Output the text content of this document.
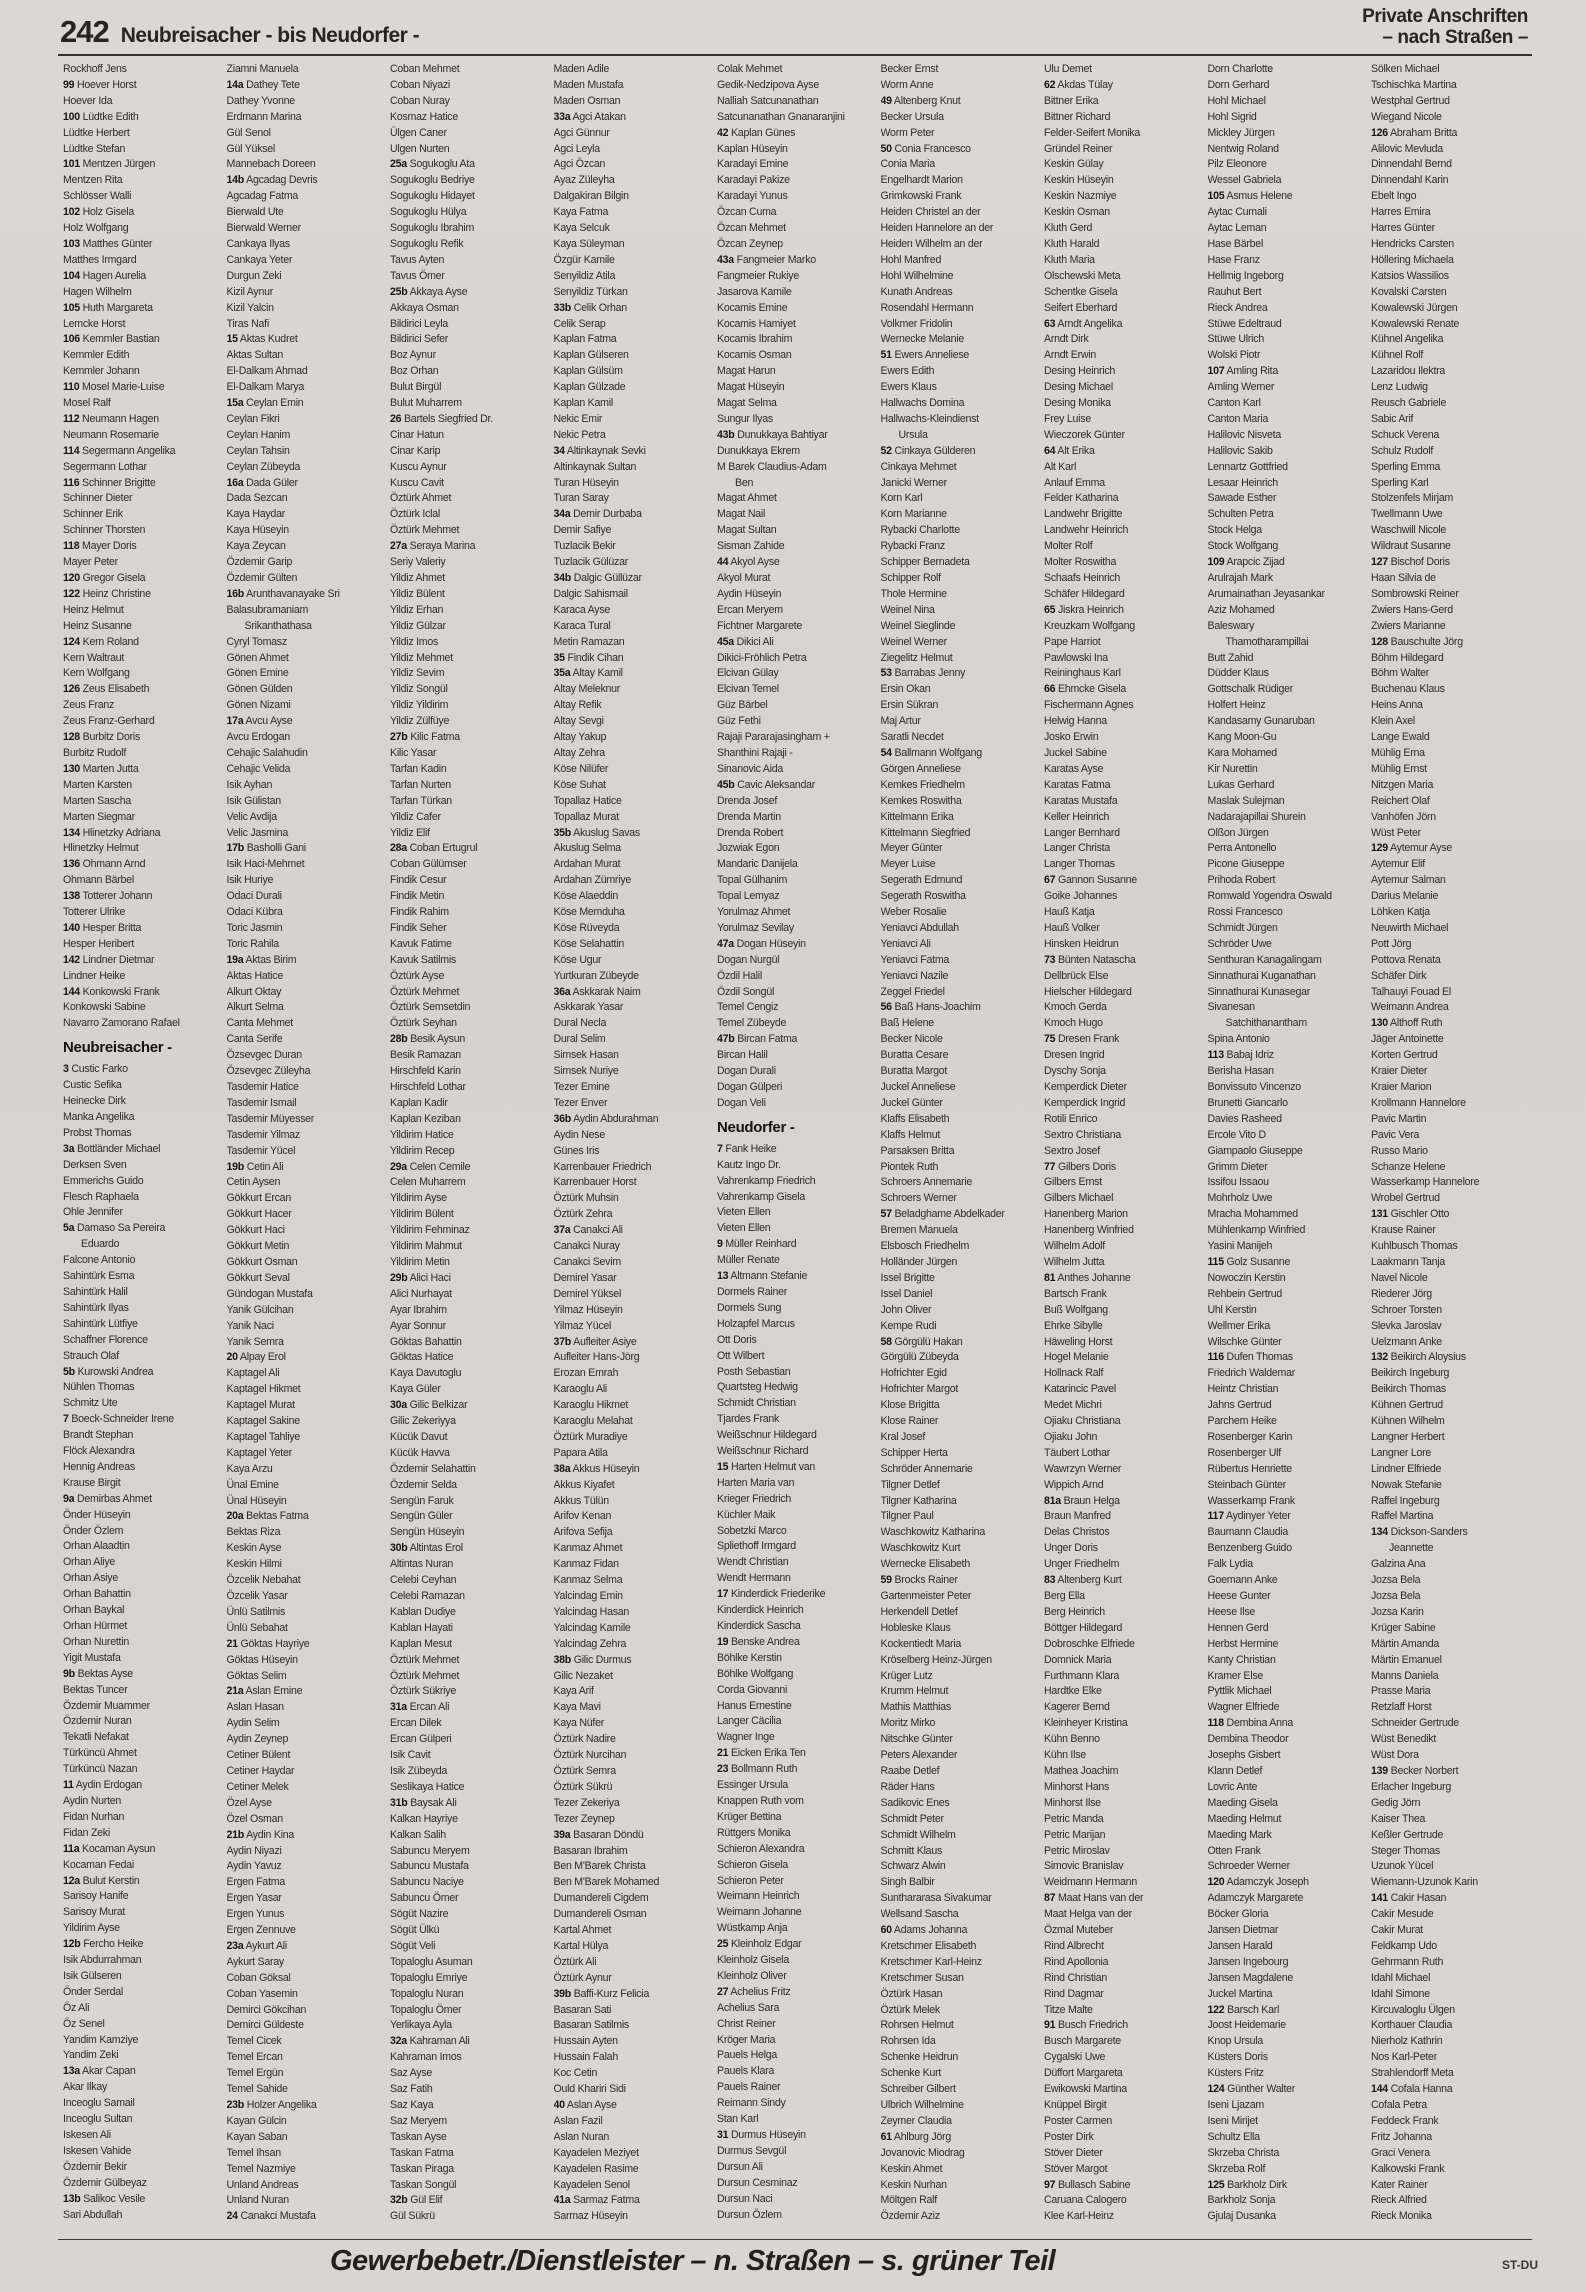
242 Neubreisacher - bis Neudorfer -
Private Anschriften
– nach Straßen –
Rockhoff Jens
99 Hoever Horst
Hoever Ida
100 Lüdtke Edith
Lüdtke Herbert
Lüdtke Stefan
101 Mentzen Jürgen
Mentzen Rita
Schlösser Walli
102 Holz Gisela
Holz Wolfgang
103 Matthes Günter
Matthes Irmgard
104 Hagen Aurelia
Hagen Wilhelm
105 Huth Margareta
Lemcke Horst
106 Kemmler Bastian
Kemmler Edith
Kemmler Johann
110 Mosel Marie-Luise
Mosel Ralf
112 Neumann Hagen
Neumann Rosemarie
114 Segermann Angelika
Segermann Lothar
116 Schinner Brigitte
Schinner Dieter
Schinner Erik
Schinner Thorsten
118 Mayer Doris
Mayer Peter
120 Gregor Gisela
122 Heinz Christine
Heinz Helmut
Heinz Susanne
124 Kern Roland
Kern Waltraut
Kern Wolfgang
126 Zeus Elisabeth
Zeus Franz
Zeus Franz-Gerhard
128 Burbitz Doris
Burbitz Rudolf
130 Marten Jutta
Marten Karsten
Marten Sascha
Marten Siegmar
134 Hlinetzky Adriana
Hlinetzky Helmut
136 Ohmann Arnd
Ohmann Bärbel
138 Totterer Johann
Totterer Ulrike
140 Hesper Britta
Hesper Heribert
142 Lindner Dietmar
Lindner Heike
144 Konkowski Frank
Konkowski Sabine
Navarro Zamorano Rafael
Neubreisacher -
3 Custic Farko
Custic Sefika
Heinecke Dirk
Manka Angelika
Probst Thomas
3a Bottländer Michael
Derksen Sven
Emmerichs Guido
Flesch Raphaela
Ohle Jennifer
5a Damaso Sa Pereira
Eduardo
Falcone Antonio
Sahintürk Esma
Sahintürk Halil
Sahintürk Ilyas
Sahintürk Lütfiye
Schaffner Florence
Strauch Olaf
5b Kurowski Andrea
Nühlen Thomas
Schmitz Ute
7 Boeck-Schneider Irene
Brandt Stephan
Flöck Alexandra
Hennig Andreas
Krause Birgit
9a Demirbas Ahmet
Önder Hüseyin
Önder Özlem
Orhan Alaadtin
Orhan Aliye
Orhan Asiye
Orhan Bahattin
Orhan Baykal
Orhan Hürmet
Orhan Nurettin
Yigit Mustafa
9b Bektas Ayse
Bektas Tuncer
Özdemir Muammer
Özdemir Nuran
Tekatli Nefakat
Türküncü Ahmet
Türküncü Nazan
11 Aydin Erdogan
Aydin Nurten
Fidan Nurhan
Fidan Zeki
11a Kocaman Aysun
Kocaman Fedai
12a Bulut Kerstin
Sarisoy Hanife
Sarisoy Murat
Yildirim Ayse
12b Fercho Heike
Isik Abdurrahman
Isik Gülseren
Önder Serdal
Öz Ali
Öz Senel
Yandim Kamziye
Yandim Zeki
13a Akar Capan
Akar Ilkay
Inceoglu Samail
Inceoglu Sultan
Iskesen Ali
Iskesen Vahide
Özdemir Bekir
Özdemir Gülbeyaz
13b Salikoc Vesile
Sari Abdullah
Ziamni Manuela
14a Dathey Tete
Dathey Yvonne
Erdmann Marina
Gül Senol
Gül Yüksel
Mannebach Doreen
14b Agcadag Devris
Agcadag Fatma
Bierwald Ute
Bierwald Werner
Cankaya Ilyas
Cankaya Yeter
Durgun Zeki
Kizil Aynur
Kizil Yalcin
Tiras Nafi
15 Aktas Kudret
Aktas Sultan
El-Dalkam Ahmad
El-Dalkam Marya
15a Ceylan Emin
Ceylan Fikri
Ceylan Hanim
Ceylan Tahsin
Ceylan Zübeyda
16a Dada Güler
Dada Sezcan
Kaya Haydar
Kaya Hüseyin
Kaya Zeycan
Özdemir Garip
Özdemir Gülten
16b Arunthavanayake Sri
Balasubramaniam
Srikanthathasa
Cyryl Tomasz
Gönen Ahmet
Gönen Emine
Gönen Gülden
Gönen Nizami
17a Avcu Ayse
Avcu Erdogan
Cehajic Salahudin
Cehajic Velida
Isik Ayhan
Isik Gülistan
Velic Avdija
Velic Jasmina
17b Basholli Gani
Isik Haci-Mehmet
Isik Huriye
Odaci Durali
Odaci Kübra
Toric Jasmin
Toric Rahila
19a Aktas Birim
Aktas Hatice
Alkurt Oktay
Alkurt Selma
Canta Mehmet
Canta Serife
Özsevgec Duran
Özsevgec Züleyha
Tasdemir Hatice
Tasdemir Ismail
Tasdemir Müyesser
Tasdemir Yilmaz
Tasdemir Yücel
19b Cetin Ali
Cetin Aysen
Gökkurt Ercan
Gökkurt Hacer
Gökkurt Haci
Gökkurt Metin
Gökkurt Osman
Gökkurt Seval
Gündogan Mustafa
Yanik Gülcihan
Yanik Naci
Yanik Semra
20 Alpay Erol
Kaptagel Ali
Kaptagel Hikmet
Kaptagel Murat
Kaptagel Sakine
Kaptagel Tahliye
Kaptagel Yeter
Kaya Arzu
Ünal Emine
Ünal Hüseyin
20a Bektas Fatma
Bektas Riza
Keskin Ayse
Keskin Hilmi
Özcelik Nebahat
Özcelik Yasar
Ünlü Satilmis
Ünlü Sebahat
21 Göktas Hayriye
Göktas Hüseyin
Göktas Selim
21a Aslan Emine
Aslan Hasan
Aydin Selim
Aydin Zeynep
Cetiner Bülent
Cetiner Haydar
Cetiner Melek
Özel Ayse
Özel Osman
21b Aydin Kina
Aydin Niyazi
Aydin Yavuz
Ergen Fatma
Ergen Yasar
Ergen Yunus
Ergen Zennuve
23a Aykurt Ali
Aykurt Saray
Coban Göksal
Coban Yasemin
Demirci Gökcihan
Demirci Güldeste
Temel Cicek
Temel Ercan
Temel Ergün
Temel Sahide
23b Holzer Angelika
Kayan Gülcin
Kayan Saban
Temel Ihsan
Temel Nazmiye
Unland Andreas
Unland Nuran
24 Canakci Mustafa
Coban Mehmet
Coban Niyazi
Coban Nuray
Kosmaz Hatice
Ülgen Caner
Ulgen Nurten
25a Sogukoglu Ata
Sogukoglu Bedriye
Sogukoglu Hidayet
Sogukoglu Hülya
Sogukoglu Ibrahim
Sogukoglu Refik
Tavus Ayten
Tavus Ömer
25b Akkaya Ayse
Akkaya Osman
Bildirici Leyla
Bildirici Sefer
Boz Aynur
Boz Orhan
Bulut Birgül
Bulut Muharrem
26 Bartels Siegfried Dr.
Cinar Hatun
Cinar Karip
Kuscu Aynur
Kuscu Cavit
Öztürk Ahmet
Öztürk Iclal
Öztürk Mehmet
27a Seraya Marina
Seriy Valeriy
Yildiz Ahmet
Yildiz Bülent
Yildiz Erhan
Yildiz Gülzar
Yildiz Imos
Yildiz Mehmet
Yildiz Sevim
Yildiz Songül
Yildiz Yildirim
Yildiz Zülfüye
27b Kilic Fatma
Kilic Yasar
Tarfan Kadin
Tarfan Nurten
Tarfan Türkan
Yildiz Cafer
Yildiz Elif
28a Coban Ertugrul
Coban Gülümser
Findik Cesur
Findik Metin
Findik Rahim
Findik Seher
Kavuk Fatime
Kavuk Satilmis
Öztürk Ayse
Öztürk Mehmet
Öztürk Semsetdin
Öztürk Seyhan
28b Besik Aysun
Besik Ramazan
Hirschfeld Karin
Hirschfeld Lothar
Kaplan Kadir
Kaplan Keziban
Yildirim Hatice
Yildirim Recep
29a Celen Cemile
Celen Muharrem
Yildirim Ayse
Yildirim Bülent
Yildirim Fehminaz
Yildirim Mahmut
Yildirim Metin
29b Alici Haci
Alici Nurhayat
Ayar Ibrahim
Ayar Sonnur
Göktas Bahattin
Göktas Hatice
Kaya Davutoglu
Kaya Güler
30a Gilic Belkizar
Gilic Zekeriyya
Kücük Davut
Kücük Havva
Özdemir Selahattin
Özdemir Selda
Sengün Faruk
Sengün Güler
Sengün Hüseyin
30b Altintas Erol
Altintas Nuran
Celebi Ceyhan
Celebi Ramazan
Kablan Dudiye
Kablan Hayati
Kaplan Mesut
Öztürk Mehmet
Öztürk Mehmet
Öztürk Sükriye
31a Ercan Ali
Ercan Dilek
Ercan Gülperi
Isik Cavit
Isik Zübeyda
Seslikaya Hatice
31b Baysak Ali
Kalkan Hayriye
Kalkan Salih
Sabuncu Meryem
Sabuncu Mustafa
Sabuncu Naciye
Sabuncu Ömer
Sögüt Nazire
Sögüt Ülkü
Sögüt Veli
Topaloglu Asuman
Topaloglu Emriye
Topaloglu Nuran
Topaloglu Ömer
Yerlikaya Ayla
32a Kahraman Ali
Kahraman Imos
Saz Ayse
Saz Fatih
Saz Kaya
Saz Meryem
Taskan Ayse
Taskan Fatma
Taskan Piraga
Taskan Songül
32b Gül Elif
Gül Sükrü
Maden Adile
Maden Mustafa
Maden Osman
33a Agci Atakan
Agci Günnur
Agci Leyla
Agci Özcan
Ayaz Züleyha
Dalgakiran Bilgin
Kaya Fatma
Kaya Selcuk
Kaya Süleyman
Özgür Kamile
Senyildiz Atila
Senyildiz Türkan
33b Celik Orhan
Celik Serap
Kaplan Fatma
Kaplan Gülseren
Kaplan Gülsüm
Kaplan Gülzade
Kaplan Kamil
Nekic Emir
Nekic Petra
34 Altinkaynak Sevki
Altinkaynak Sultan
Turan Hüseyin
Turan Saray
34a Demir Durbaba
Demir Safiye
Tuzlacik Bekir
Tuzlacik Gülüzar
34b Dalgic Güllüzar
Dalgic Sahismail
Karaca Ayse
Karaca Tural
Metin Ramazan
35 Findik Cihan
35a Altay Kamil
Altay Meleknur
Altay Refik
Altay Sevgi
Altay Yakup
Altay Zehra
Köse Nilüfer
Köse Suhat
Topallaz Hatice
Topallaz Murat
35b Akuslug Savas
Akuslug Selma
Ardahan Murat
Ardahan Zümriye
Köse Alaeddin
Köse Memduha
Köse Rüveyda
Köse Selahattin
Köse Ugur
Yurtkuran Zübeyde
36a Askkarak Naim
Askkarak Yasar
Dural Necla
Dural Selim
Simsek Hasan
Simsek Nuriye
Tezer Emine
Tezer Enver
36b Aydin Abdurahman
Aydin Nese
Günes Iris
Karrenbauer Friedrich
Karrenbauer Horst
Öztürk Muhsin
Öztürk Zehra
37a Canakci Ali
Canakci Nuray
Canakci Sevim
Demirel Yasar
Demirel Yüksel
Yilmaz Hüseyin
Yilmaz Yücel
37b Aufleiter Asiye
Aufleiter Hans-Jörg
Erozan Emrah
Karaoglu Ali
Karaoglu Hikmet
Karaoglu Melahat
Öztürk Muradiye
Papara Atila
38a Akkus Hüseyin
Akkus Kiyafet
Akkus Tülün
Arifov Kenan
Arifova Sefija
Kanmaz Ahmet
Kanmaz Fidan
Kanmaz Selma
Yalcindag Emin
Yalcindag Hasan
Yalcindag Kamile
Yalcindag Zehra
38b Gilic Durmus
Gilic Nezaket
Kaya Arif
Kaya Mavi
Kaya Nüfer
Öztürk Nadire
Öztürk Nurcihan
Öztürk Semra
Öztürk Sükrü
Tezer Zekeriya
Tezer Zeynep
39a Basaran Döndü
Basaran Ibrahim
Ben M'Barek Christa
Ben M'Barek Mohamed
Dumandereli Cigdem
Dumandereli Osman
Kartal Ahmet
Kartal Hülya
Öztürk Ali
Öztürk Aynur
39b Baffi-Kurz Felicia
Basaran Sati
Basaran Satilmis
Hussain Ayten
Hussain Falah
Koc Cetin
Ould Khariri Sidi
40 Aslan Ayse
Aslan Fazil
Aslan Nuran
Kayadelen Meziyet
Kayadelen Rasime
Kayadelen Senol
41a Sarmaz Fatma
Sarmaz Hüseyin
Colak Mehmet
Gedik-Nedzipova Ayse
Nalliah Satcunanathan
Satcunanathan Gnanaranjini
42 Kaplan Günes
Kaplan Hüseyin
Karadayi Emine
Karadayi Pakize
Karadayi Yunus
Özcan Cuma
Özcan Mehmet
Özcan Zeynep
43a Fangmeier Marko
Fangmeier Rukiye
Jasarova Kamile
Kocamis Emine
Kocamis Hamiyet
Kocamis Ibrahim
Kocamis Osman
Magat Harun
Magat Hüseyin
Magat Selma
Sungur Ilyas
43b Dunukkaya Bahtiyar
Dunukkaya Ekrem
M Barek Claudius-Adam
Ben
Magat Ahmet
Magat Nail
Magat Sultan
Sisman Zahide
44 Akyol Ayse
Akyol Murat
Aydin Hüseyin
Ercan Meryem
Fichtner Margarete
45a Dikici Ali
Dikici-Fröhlich Petra
Elcivan Gülay
Elcivan Temel
Güz Bärbel
Güz Fethi
Rajaji Pararajasingham +
Shanthini Rajaji -
Sinanovic Aida
45b Cavic Aleksandar
Drenda Josef
Drenda Martin
Drenda Robert
Jozwiak Egon
Mandaric Danijela
Topal Gülhanim
Topal Lemyaz
Yorulmaz Ahmet
Yorulmaz Sevilay
47a Dogan Hüseyin
Dogan Nurgül
Özdil Halil
Özdil Songül
Temel Cengiz
Temel Zübeyde
47b Bircan Fatma
Bircan Halil
Dogan Durali
Dogan Gülperi
Dogan Veli
Neudorfer -
7 Fank Heike
Kautz Ingo Dr.
Vahrenkamp Friedrich
Vahrenkamp Gisela
Vieten Ellen
Vieten Ellen
9 Müller Reinhard
Müller Renate
13 Altmann Stefanie
Dormels Rainer
Dormels Sung
Holzapfel Marcus
Ott Doris
Ott Wilbert
Posth Sebastian
Quartsteg Hedwig
Schmidt Christian
Tjardes Frank
Weißschnur Hildegard
Weißschnur Richard
15 Harten Helmut van
Harten Maria van
Krieger Friedrich
Küchler Maik
Sobetzki Marco
Spliethoff Irmgard
Wendt Christian
Wendt Hermann
17 Kinderdick Friederike
Kinderdick Heinrich
Kinderdick Sascha
19 Benske Andrea
Böhlke Kerstin
Böhlke Wolfgang
Corda Giovanni
Hanus Ernestine
Langer Cäcilia
Wagner Inge
21 Eicken Erika Ten
23 Bollmann Ruth
Essinger Ursula
Knappen Ruth vom
Krüger Bettina
Rüttgers Monika
Schieron Alexandra
Schieron Gisela
Schieron Peter
Weimann Heinrich
Weimann Johanne
Wüstkamp Anja
25 Kleinholz Edgar
Kleinholz Gisela
Kleinholz Oliver
27 Achelius Fritz
Achelius Sara
Christ Reiner
Kröger Maria
Pauels Helga
Pauels Klara
Pauels Rainer
Reimann Sindy
Stan Karl
31 Durmus Hüseyin
Durmus Sevgül
Dursun Ali
Dursun Cesminaz
Dursun Naci
Dursun Özlem
Becker Ernst
Worm Anne
49 Altenberg Knut
Becker Ursula
Worm Peter
50 Conia Francesco
Conia Maria
Engelhardt Marion
Grimkowski Frank
Heiden Christel an der
Heiden Hannelore an der
Heiden Wilhelm an der
Hohl Manfred
Hohl Wilhelmine
Kunath Andreas
Rosendahl Hermann
Volkmer Fridolin
Wernecke Melanie
51 Ewers Anneliese
Ewers Edith
Ewers Klaus
Hallwachs Domina
Hallwachs-Kleindienst
Ursula
52 Cinkaya Gülderen
Cinkaya Mehmet
Janicki Werner
Korn Karl
Korn Marianne
Rybacki Charlotte
Rybacki Franz
Schipper Bernadeta
Schipper Rolf
Thole Hermine
Weinel Nina
Weinel Sieglinde
Weinel Werner
Ziegelitz Helmut
53 Barrabas Jenny
Ersin Okan
Ersin Sükran
Maj Artur
Saratli Necdet
54 Ballmann Wolfgang
Görgen Anneliese
Kemkes Friedhelm
Kemkes Roswitha
Kittelmann Erika
Kittelmann Siegfried
Meyer Günter
Meyer Luise
Segerath Edmund
Segerath Roswitha
Weber Rosalie
Yeniavci Abdullah
Yeniavci Ali
Yeniavci Fatma
Yeniavci Nazile
Zeggel Friedel
56 Baß Hans-Joachim
Baß Helene
Becker Nicole
Buratta Cesare
Buratta Margot
Juckel Anneliese
Juckel Günter
Klaffs Elisabeth
Klaffs Helmut
Parsaksen Britta
Piontek Ruth
Schroers Annemarie
Schroers Werner
57 Beladghame Abdelkader
Bremen Manuela
Elsbosch Friedhelm
Holländer Jürgen
Issel Brigitte
Issel Daniel
John Oliver
Kempe Rudi
58 Görgülü Hakan
Görgülü Zübeyda
Hofrichter Egid
Hofrichter Margot
Klose Brigitta
Klose Rainer
Kral Josef
Schipper Herta
Schröder Annemarie
Tilgner Detlef
Tilgner Katharina
Tilgner Paul
Waschkowitz Katharina
Waschkowitz Kurt
Wernecke Elisabeth
59 Brocks Rainer
Gartenmeister Peter
Herkendell Detlef
Hobleske Klaus
Kockentiedt Maria
Kröselberg Heinz-Jürgen
Krüger Lutz
Krumm Helmut
Mathis Matthias
Moritz Mirko
Nitschke Günter
Peters Alexander
Raabe Detlef
Räder Hans
Sadikovic Enes
Schmidt Peter
Schmidt Wilhelm
Schmitt Klaus
Schwarz Alwin
Singh Balbir
Sunthararasa Sivakumar
Wellsand Sascha
60 Adams Johanna
Kretschmer Elisabeth
Kretschmer Karl-Heinz
Kretschmer Susan
Öztürk Hasan
Öztürk Melek
Rohrsen Helmut
Rohrsen Ida
Schenke Heidrun
Schenke Kurt
Schreiber Gilbert
Ulbrich Wilhelmine
Zeymer Claudia
61 Ahlburg Jörg
Jovanovic Miodrag
Keskin Ahmet
Keskin Nurhan
Möltgen Ralf
Özdemir Aziz
Ulu Demet
62 Akdas Tülay
Bittner Erika
Bittner Richard
Felder-Seifert Monika
Gründel Reiner
Keskin Gülay
Keskin Hüseyin
Keskin Nazmiye
Keskin Osman
Kluth Gerd
Kluth Harald
Kluth Maria
Olschewski Meta
Schentke Gisela
Seifert Eberhard
63 Arndt Angelika
Arndt Dirk
Arndt Erwin
Desing Heinrich
Desing Michael
Desing Monika
Frey Luise
Wieczorek Günter
64 Alt Erika
Alt Karl
Anlauf Emma
Felder Katharina
Landwehr Brigitte
Landwehr Heinrich
Molter Rolf
Molter Roswitha
Schaafs Heinrich
Schäfer Hildegard
65 Jiskra Heinrich
Kreuzkam Wolfgang
Pape Harriot
Pawlowski Ina
Reininghaus Karl
66 Ehmcke Gisela
Fischermann Agnes
Helwig Hanna
Josko Erwin
Juckel Sabine
Karatas Ayse
Karatas Fatma
Karatas Mustafa
Keller Heinrich
Langer Bernhard
Langer Christa
Langer Thomas
67 Gannon Susanne
Goike Johannes
Hauß Katja
Hauß Volker
Hinsken Heidrun
73 Bünten Natascha
Dellbrück Else
Hielscher Hildegard
Kmoch Gerda
Kmoch Hugo
75 Dresen Frank
Dresen Ingrid
Dyschy Sonja
Kemperdick Dieter
Kemperdick Ingrid
Rotili Enrico
Sextro Christiana
Sextro Josef
77 Gilbers Doris
Gilbers Ernst
Gilbers Michael
Hanenberg Marion
Hanenberg Winfried
Wilhelm Adolf
Wilhelm Jutta
81 Anthes Johanne
Bartsch Frank
Buß Wolfgang
Ehrke Sibylle
Häweling Horst
Hogel Melanie
Hollnack Ralf
Katarincic Pavel
Medet Michri
Ojiaku Christiana
Ojiaku John
Täubert Lothar
Wawrzyn Werner
Wippich Arnd
81a Braun Helga
Braun Manfred
Delas Christos
Unger Doris
Unger Friedhelm
83 Altenberg Kurt
Berg Ella
Berg Heinrich
Böttger Hildegard
Dobroschke Elfriede
Domnick Maria
Furthmann Klara
Hardtke Elke
Kagerer Bernd
Kleinheyer Kristina
Kühn Benno
Kühn Ilse
Mathea Joachim
Minhorst Hans
Minhorst Ilse
Petric Manda
Petric Marijan
Petric Miroslav
Simovic Branislav
Weidmann Hermann
87 Maat Hans van der
Maat Helga van der
Özmal Muteber
Rind Albrecht
Rind Apollonia
Rind Christian
Rind Dagmar
Titze Malte
91 Busch Friedrich
Busch Margarete
Cygalski Uwe
Düffort Margareta
Ewikowski Martina
Knüppel Birgit
Poster Carmen
Poster Dirk
Stöver Dieter
Stöver Margot
97 Bullasch Sabine
Caruana Calogero
Klee Karl-Heinz
Dorn Charlotte
Dorn Gerhard
Hohl Michael
Hohl Sigrid
Mickley Jürgen
Nentwig Roland
Pilz Eleonore
Wessel Gabriela
105 Asmus Helene
Aytac Cumali
Aytac Leman
Hase Bärbel
Hase Franz
Hellmig Ingeborg
Rauhut Bert
Rieck Andrea
Stüwe Edeltraud
Stüwe Ulrich
Wolski Piotr
107 Amling Rita
Amling Werner
Canton Karl
Canton Maria
Halilovic Nisveta
Halilovic Sakib
Lennartz Gottfried
Lesaar Heinrich
Sawade Esther
Schulten Petra
Stock Helga
Stock Wolfgang
109 Arapcic Zijad
Arulrajah Mark
Arumainathan Jeyasankar
Aziz Mohamed
Baleswary
Thamotharampillai
Butt Zahid
Düdder Klaus
Gottschalk Rüdiger
Holfert Heinz
Kandasamy Gunaruban
Kang Moon-Gu
Kara Mohamed
Kir Nurettin
Lukas Gerhard
Maslak Sulejman
Nadarajapillai Shurein
Olßon Jürgen
Perra Antonello
Picone Giuseppe
Prihoda Robert
Romwald Yogendra Oswald
Rossi Francesco
Schmidt Jürgen
Schröder Uwe
Senthuran Kanagalingam
Sinnathurai Kuganathan
Sinnathurai Kunasegar
Sivanesan
Satchithanantham
Spina Antonio
113 Babaj Idriz
Berisha Hasan
Bonvissuto Vincenzo
Brunetti Giancarlo
Davies Rasheed
Ercole Vito D
Giampaolo Giuseppe
Grimm Dieter
Issifou Issaou
Mohrholz Uwe
Mracha Mohammed
Mühlenkamp Winfried
Yasini Manijeh
115 Golz Susanne
Nowoczin Kerstin
Rehbein Gertrud
Uhl Kerstin
Wellmer Erika
Wilschke Günter
116 Dufen Thomas
Friedrich Waldemar
Heintz Christian
Jahns Gertrud
Parchem Heike
Rosenberger Karin
Rosenberger Ulf
Rübertus Henriette
Steinbach Günter
Wasserkamp Frank
117 Aydinyer Yeter
Baumann Claudia
Benzenberg Guido
Falk Lydia
Goemann Anke
Heese Gunter
Heese Ilse
Hennen Gerd
Herbst Hermine
Kanty Christian
Kramer Else
Pyttlik Michael
Wagner Elfriede
118 Dembina Anna
Dembina Theodor
Josephs Gisbert
Klann Detlef
Lovric Ante
Maeding Gisela
Maeding Helmut
Maeding Mark
Otten Frank
Schroeder Werner
120 Adamczyk Joseph
Adamczyk Margarete
Böcker Gloria
Jansen Dietmar
Jansen Harald
Jansen Ingebourg
Jansen Magdalene
Juckel Martina
122 Barsch Karl
Joost Heidemarie
Knop Ursula
Küsters Doris
Küsters Fritz
124 Günther Walter
Iseni Ljazam
Iseni Mirijet
Schultz Ella
Skrzeba Christa
Skrzeba Rolf
125 Barkholz Dirk
Barkholz Sonja
Gjulaj Dusanka
Sölken Michael
Tschischka Martina
Westphal Gertrud
Wiegand Nicole
126 Abraham Britta
Alilovic Mevluda
Dinnendahl Bernd
Dinnendahl Karin
Ebelt Ingo
Harres Emira
Harres Günter
Hendricks Carsten
Höllering Michaela
Katsios Wassilios
Kovalski Carsten
Kowalewski Jürgen
Kowalewski Renate
Kühnel Angelika
Kühnel Rolf
Lazaridou Ilektra
Lenz Ludwig
Reusch Gabriele
Sabic Arif
Schuck Verena
Schulz Rudolf
Sperling Emma
Sperling Karl
Stolzenfels Mirjam
Twellmann Uwe
Waschwill Nicole
Wildraut Susanne
127 Bischof Doris
Haan Silvia de
Sombrowski Reiner
Zwiers Hans-Gerd
Zwiers Marianne
128 Bauschulte Jörg
Böhm Hildegard
Böhm Walter
Buchenau Klaus
Heins Anna
Klein Axel
Lange Ewald
Mühlig Erna
Mühlig Ernst
Nitzgen Maria
Reichert Olaf
Vanhöfen Jörn
Wüst Peter
129 Aytemur Ayse
Aytemur Elif
Aytemur Salman
Darius Melanie
Löhken Katja
Neuwirth Michael
Pott Jörg
Pottova Renata
Schäfer Dirk
Talhauyi Fouad El
Weimann Andrea
130 Althoff Ruth
Jäger Antoinette
Korten Gertrud
Kraier Dieter
Kraier Marion
Krollmann Hannelore
Pavic Martin
Pavic Vera
Russo Mario
Schanze Helene
Wasserkamp Hannelore
Wrobel Gertrud
131 Gischler Otto
Krause Rainer
Kuhlbusch Thomas
Laakmann Tanja
Navel Nicole
Riederer Jörg
Schroer Torsten
Slevka Jaroslav
Uelzmann Anke
132 Beikirch Aloysius
Beikirch Ingeburg
Beikirch Thomas
Kühnen Gertrud
Kühnen Wilhelm
Langner Herbert
Langner Lore
Lindner Elfriede
Nowak Stefanie
Raffel Ingeburg
Raffel Martina
134 Dickson-Sanders
Jeannette
Galzina Ana
Jozsa Bela
Jozsa Bela
Jozsa Karin
Krüger Sabine
Märtin Amanda
Märtin Emanuel
Manns Daniela
Prasse Maria
Retzlaff Horst
Schneider Gertrude
Wüst Benedikt
Wüst Dora
139 Becker Norbert
Erlacher Ingeburg
Gedig Jörn
Kaiser Thea
Keßler Gertrude
Steger Thomas
Uzunok Yücel
Wiemann-Uzunok Karin
141 Cakir Hasan
Cakir Mesude
Cakir Murat
Feldkamp Udo
Gehrmann Ruth
Idahl Michael
Idahl Simone
Kircuvaloglu Ülgen
Korthauer Claudia
Nierholz Kathrin
Nos Karl-Peter
Strahlendorff Meta
144 Cofala Hanna
Cofala Petra
Feddeck Frank
Fritz Johanna
Graci Venera
Kalkowski Frank
Kater Rainer
Rieck Alfried
Rieck Monika
Gewerbebetr./Dienstleister – n. Straßen – s. grüner Teil	ST-DU
